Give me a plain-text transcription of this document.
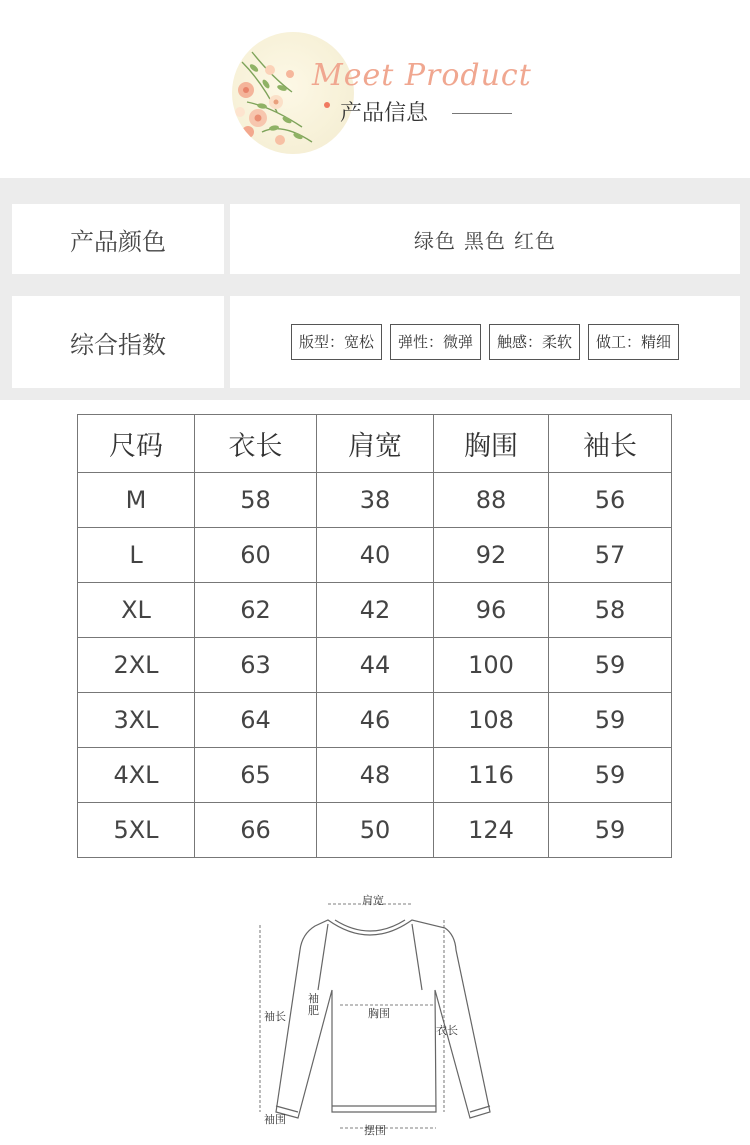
Meet Product
产品信息
产品颜色	绿色 黑色 红色
综合指数	版型：宽松	弹性：微弹	触感：柔软	做工：精细
尺码	衣长	肩宽	胸围	袖长
M	58	38	88	56
L	60	40	92	57
XL	62	42	96	58
2XL	63	44	100	59
3XL	64	46	108	59
4XL	65	48	116	59
5XL	66	50	124	59
肩宽
袖长
袖肥	胸围
衣长
袖围
摆围
